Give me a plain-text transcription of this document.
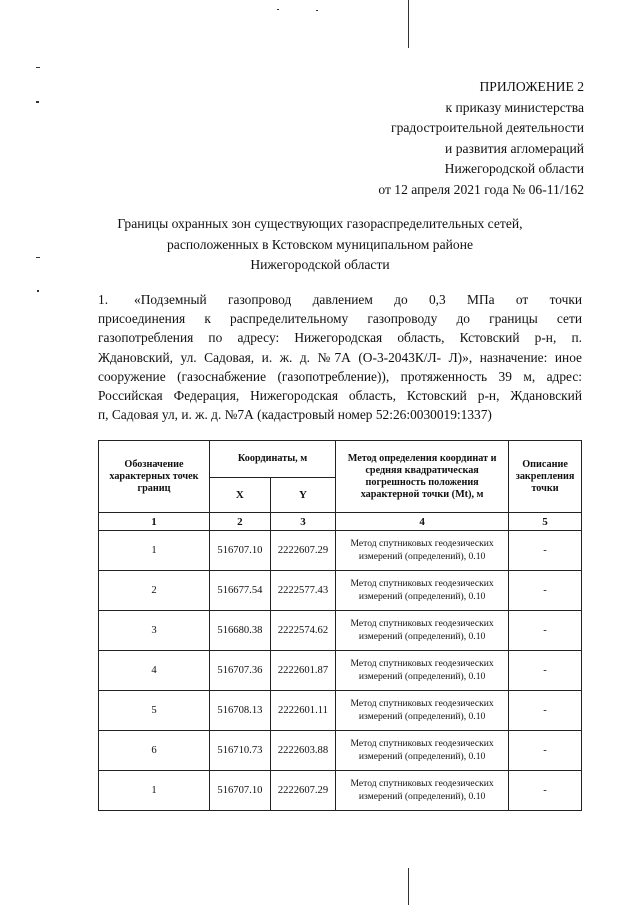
ПРИЛОЖЕНИЕ 2
к приказу министерства
градостроительной деятельности
и развития агломераций
Нижегородской области
от 12 апреля 2021 года № 06-11/162
Границы охранных зон существующих газораспределительных сетей,
расположенных в Кстовском муниципальном районе
Нижегородской области
1. «Подземный газопровод давлением до 0,3 МПа от точки
присоединения к распределительному газопроводу до границы сети
газопотребления по адресу: Нижегородская область, Кстовский р-н, п.
Ждановский, ул. Садовая, и. ж. д. №7А (О-3-2043К/Л- Л)», назначение: иное
сооружение (газоснабжение (газопотребление)), протяженность 39 м, адрес:
Российская Федерация, Нижегородская область, Кстовский р-н, Ждановский
п, Садовая ул, и. ж. д. №7А (кадастровый номер 52:26:0030019:1337)
Обозначение характерных точек границ	Координаты, м		Метод определения координат и средняя квадратическая погрешность положения характерной точки (Mt), м	Описание закрепления точки
	X	Y		
1	2	3	4	5
1	516707.10	2222607.29	Метод спутниковых геодезических измерений (определений), 0.10	-
2	516677.54	2222577.43	Метод спутниковых геодезических измерений (определений), 0.10	-
3	516680.38	2222574.62	Метод спутниковых геодезических измерений (определений), 0.10	-
4	516707.36	2222601.87	Метод спутниковых геодезических измерений (определений), 0.10	-
5	516708.13	2222601.11	Метод спутниковых геодезических измерений (определений), 0.10	-
6	516710.73	2222603.88	Метод спутниковых геодезических измерений (определений), 0.10	-
1	516707.10	2222607.29	Метод спутниковых геодезических измерений (определений), 0.10	-
